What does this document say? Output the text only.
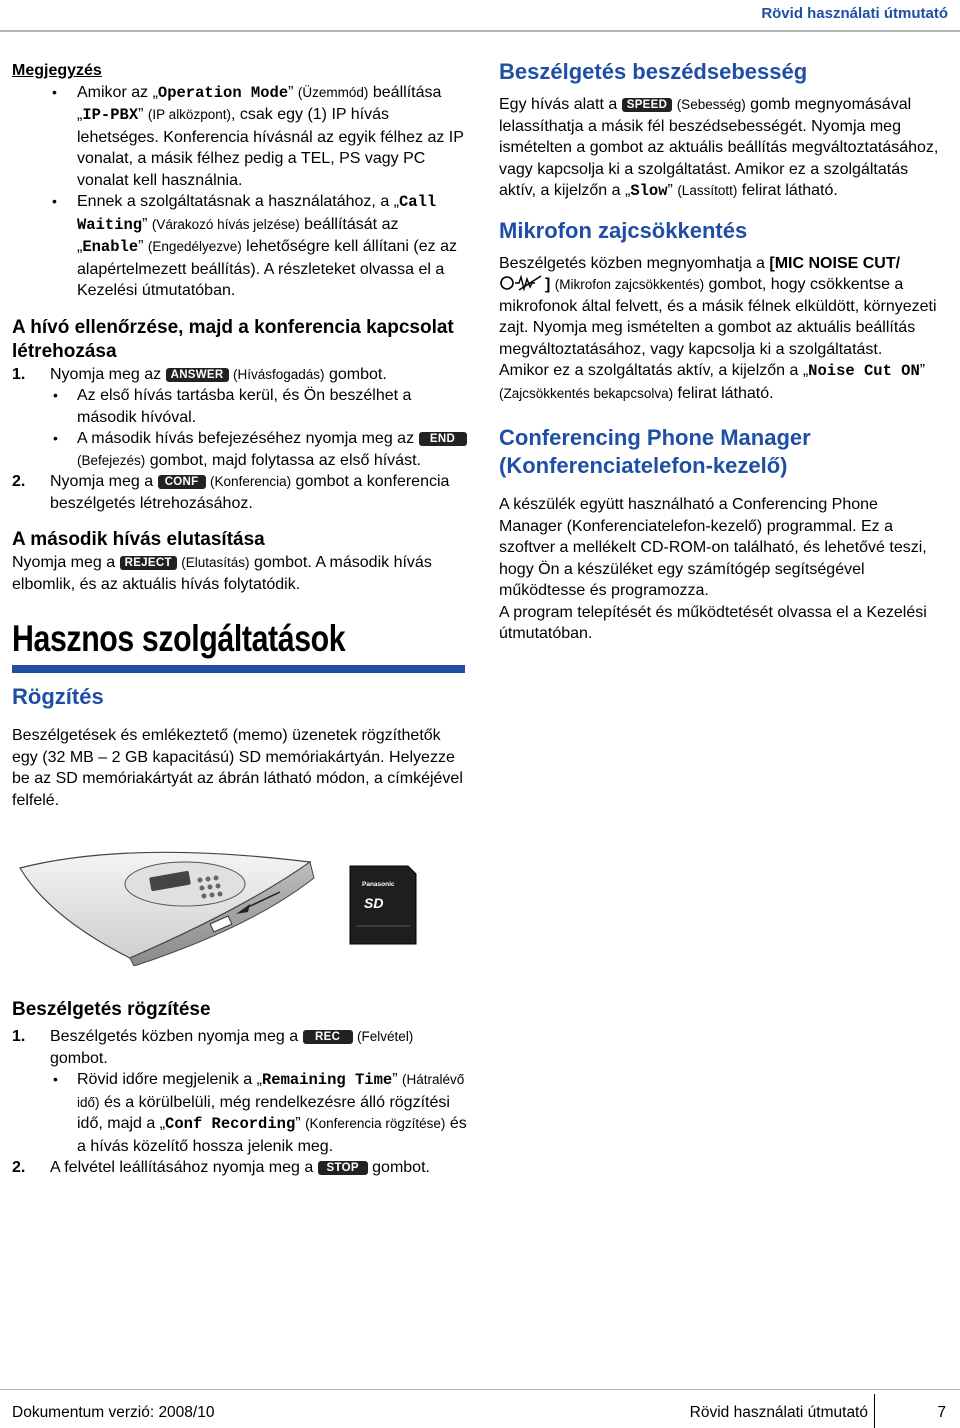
Rövid használati útmutató
Megjegyzés
• Amikor az „Operation Mode” (Üzemmód) beállítása „IP-PBX” (IP alközpont), csak egy (1) IP hívás lehetséges. Konferencia hívásnál az egyik félhez az IP vonalat, a másik félhez pedig a TEL, PS vagy PC vonalat kell használnia.
• Ennek a szolgáltatásnak a használatához, a „Call Waiting” (Várakozó hívás jelzése) beállítását az „Enable” (Engedélyezve) lehetőségre kell állítani (ez az alapértelmezett beállítás). A részleteket olvassa el a Kezelési útmutatóban.
A hívó ellenőrzése, majd a konferencia kapcsolat létrehozása
1. Nyomja meg az ANSWER (Hívásfogadás) gombot.
• Az első hívás tartásba kerül, és Ön beszélhet a második hívóval.
• A második hívás befejezéséhez nyomja meg az END (Befejezés) gombot, majd folytassa az első hívást.
2. Nyomja meg a CONF (Konferencia) gombot a konferencia beszélgetés létrehozásához.
A második hívás elutasítása
Nyomja meg a REJECT (Elutasítás) gombot. A második hívás elbomlik, és az aktuális hívás folytatódik.
Hasznos szolgáltatások
Rögzítés
Beszélgetések és emlékeztető (memo) üzenetek rögzíthetők egy (32 MB – 2 GB kapacitású) SD memóriakártyán. Helyezze be az SD memóriakártyát az ábrán látható módon, a címkéjével felfelé.
Panasonic
SD
Beszélgetés rögzítése
1. Beszélgetés közben nyomja meg a REC (Felvétel) gombot.
• Rövid időre megjelenik a „Remaining Time” (Hátralévő idő) és a körülbelüli, még rendelkezésre álló rögzítési idő, majd a „Conf Recording” (Konferencia rögzítése) és a hívás közelítő hossza jelenik meg.
2. A felvétel leállításához nyomja meg a STOP gombot.
Beszélgetés beszédsebesség
Egy hívás alatt a SPEED (Sebesség) gomb megnyomásával lelassíthatja a másik fél beszédsebességét. Nyomja meg ismételten a gombot az aktuális beállítás megváltoztatásához, vagy kapcsolja ki a szolgáltatást. Amikor ez a szolgáltatás aktív, a kijelzőn a „Slow” (Lassított) felirat látható.
Mikrofon zajcsökkentés
Beszélgetés közben megnyomhatja a [MIC NOISE CUT/] (Mikrofon zajcsökkentés) gombot, hogy csökkentse a mikrofonok által felvett, és a másik félnek elküldött, környezeti zajt. Nyomja meg ismételten a gombot az aktuális beállítás megváltoztatásához, vagy kapcsolja ki a szolgáltatást.
Amikor ez a szolgáltatás aktív, a kijelzőn a „Noise Cut ON” (Zajcsökkentés bekapcsolva) felirat látható.
Conferencing Phone Manager (Konferenciatelefon-kezelő)
A készülék együtt használható a Conferencing Phone Manager (Konferenciatelefon-kezelő) programmal. Ez a szoftver a mellékelt CD-ROM-on található, és lehetővé teszi, hogy Ön a készüléket egy számítógép segítségével működtesse és programozza.
A program telepítését és működtetését olvassa el a Kezelési útmutatóban.
Dokumentum verzió: 2008/10	Rövid használati útmutató	7
